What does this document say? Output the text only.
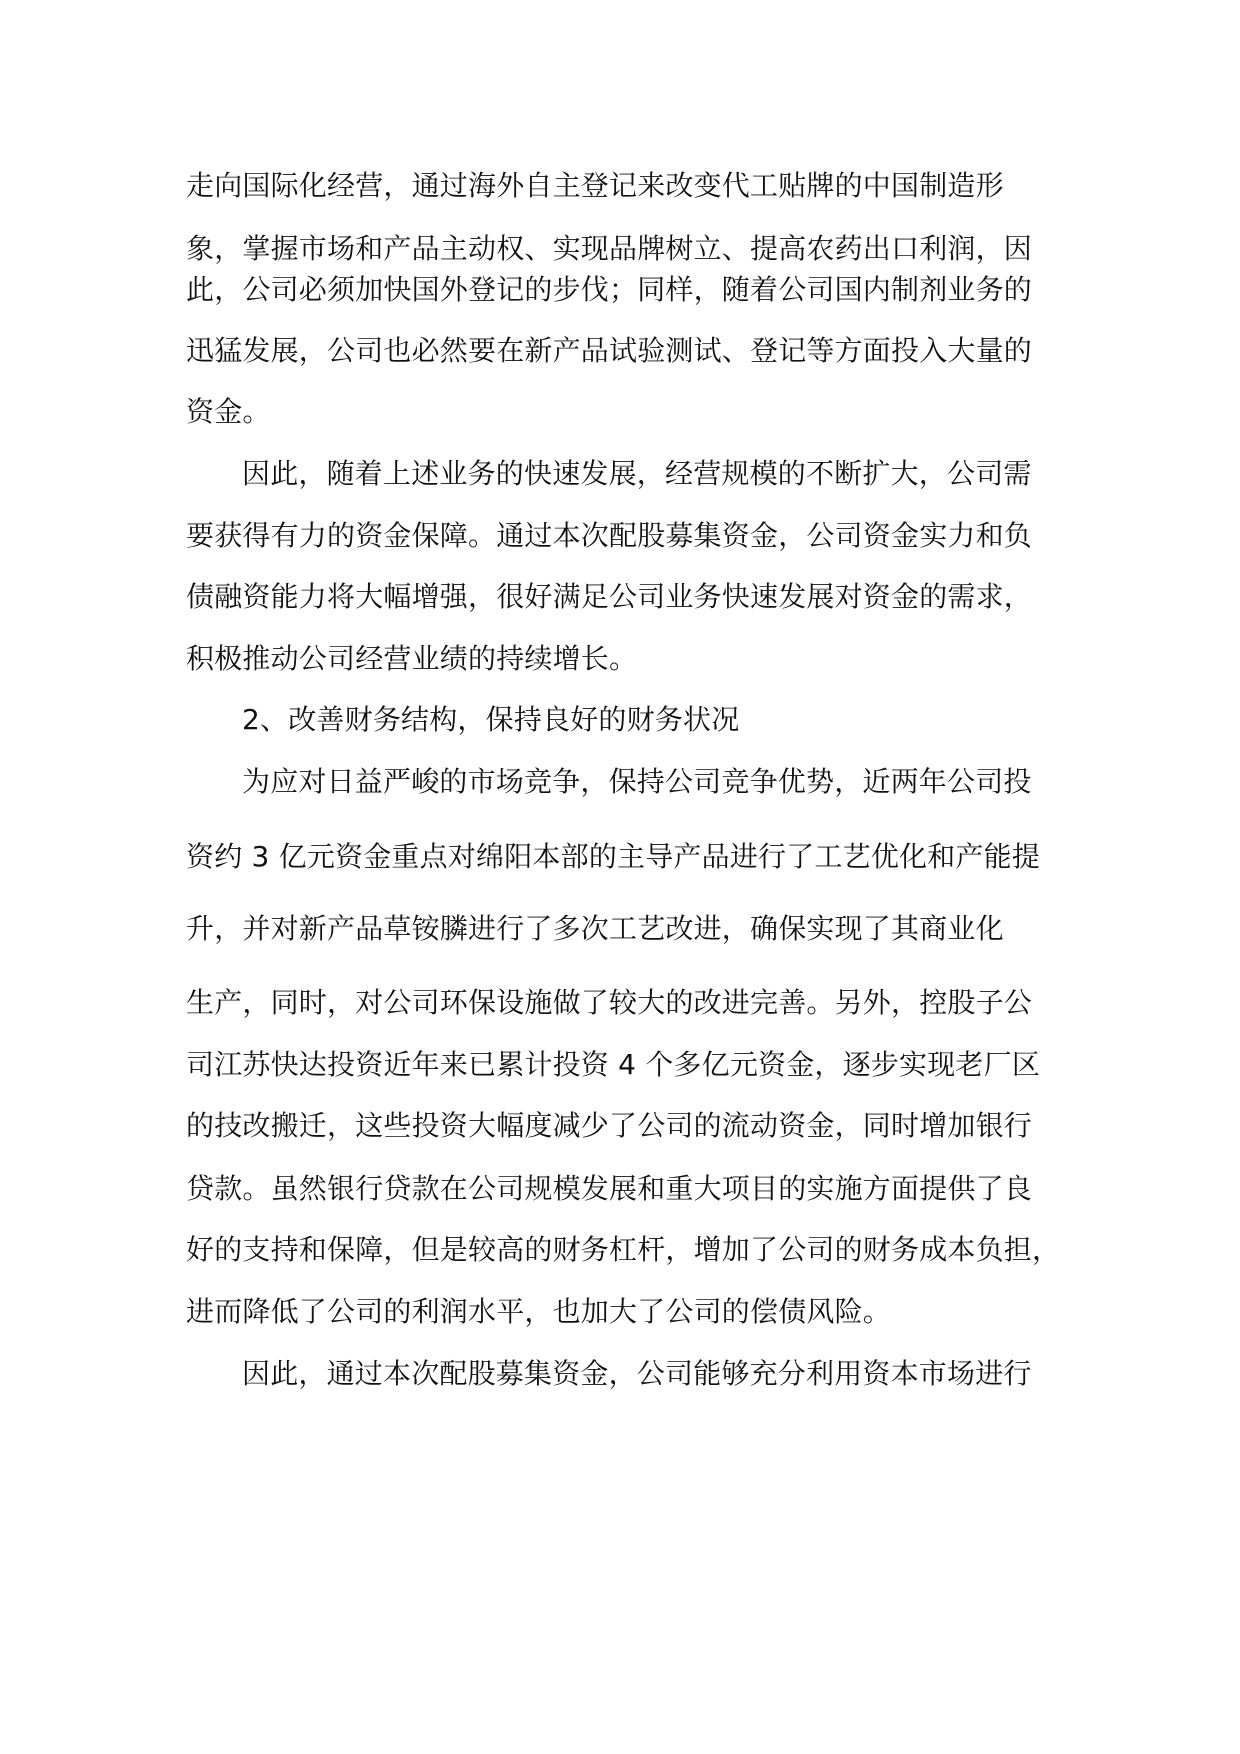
走向国际化经营，通过海外自主登记来改变代工贴牌的中国制造形
象，掌握市场和产品主动权、实现品牌树立、提高农药出口利润，因
此，公司必须加快国外登记的步伐；同样，随着公司国内制剂业务的
迅猛发展，公司也必然要在新产品试验测试、登记等方面投入大量的
资金。
因此，随着上述业务的快速发展，经营规模的不断扩大，公司需
要获得有力的资金保障。通过本次配股募集资金，公司资金实力和负
债融资能力将大幅增强，很好满足公司业务快速发展对资金的需求，
积极推动公司经营业绩的持续增长。
2、改善财务结构，保持良好的财务状况
为应对日益严峻的市场竞争，保持公司竞争优势，近两年公司投
资约 3 亿元资金重点对绵阳本部的主导产品进行了工艺优化和产能提
升，并对新产品草铵膦进行了多次工艺改进，确保实现了其商业化
生产，同时，对公司环保设施做了较大的改进完善。另外，控股子公
司江苏快达投资近年来已累计投资 4 个多亿元资金，逐步实现老厂区
的技改搬迁，这些投资大幅度减少了公司的流动资金，同时增加银行
贷款。虽然银行贷款在公司规模发展和重大项目的实施方面提供了良
好的支持和保障，但是较高的财务杠杆，增加了公司的财务成本负担，
进而降低了公司的利润水平，也加大了公司的偿债风险。
因此，通过本次配股募集资金，公司能够充分利用资本市场进行
